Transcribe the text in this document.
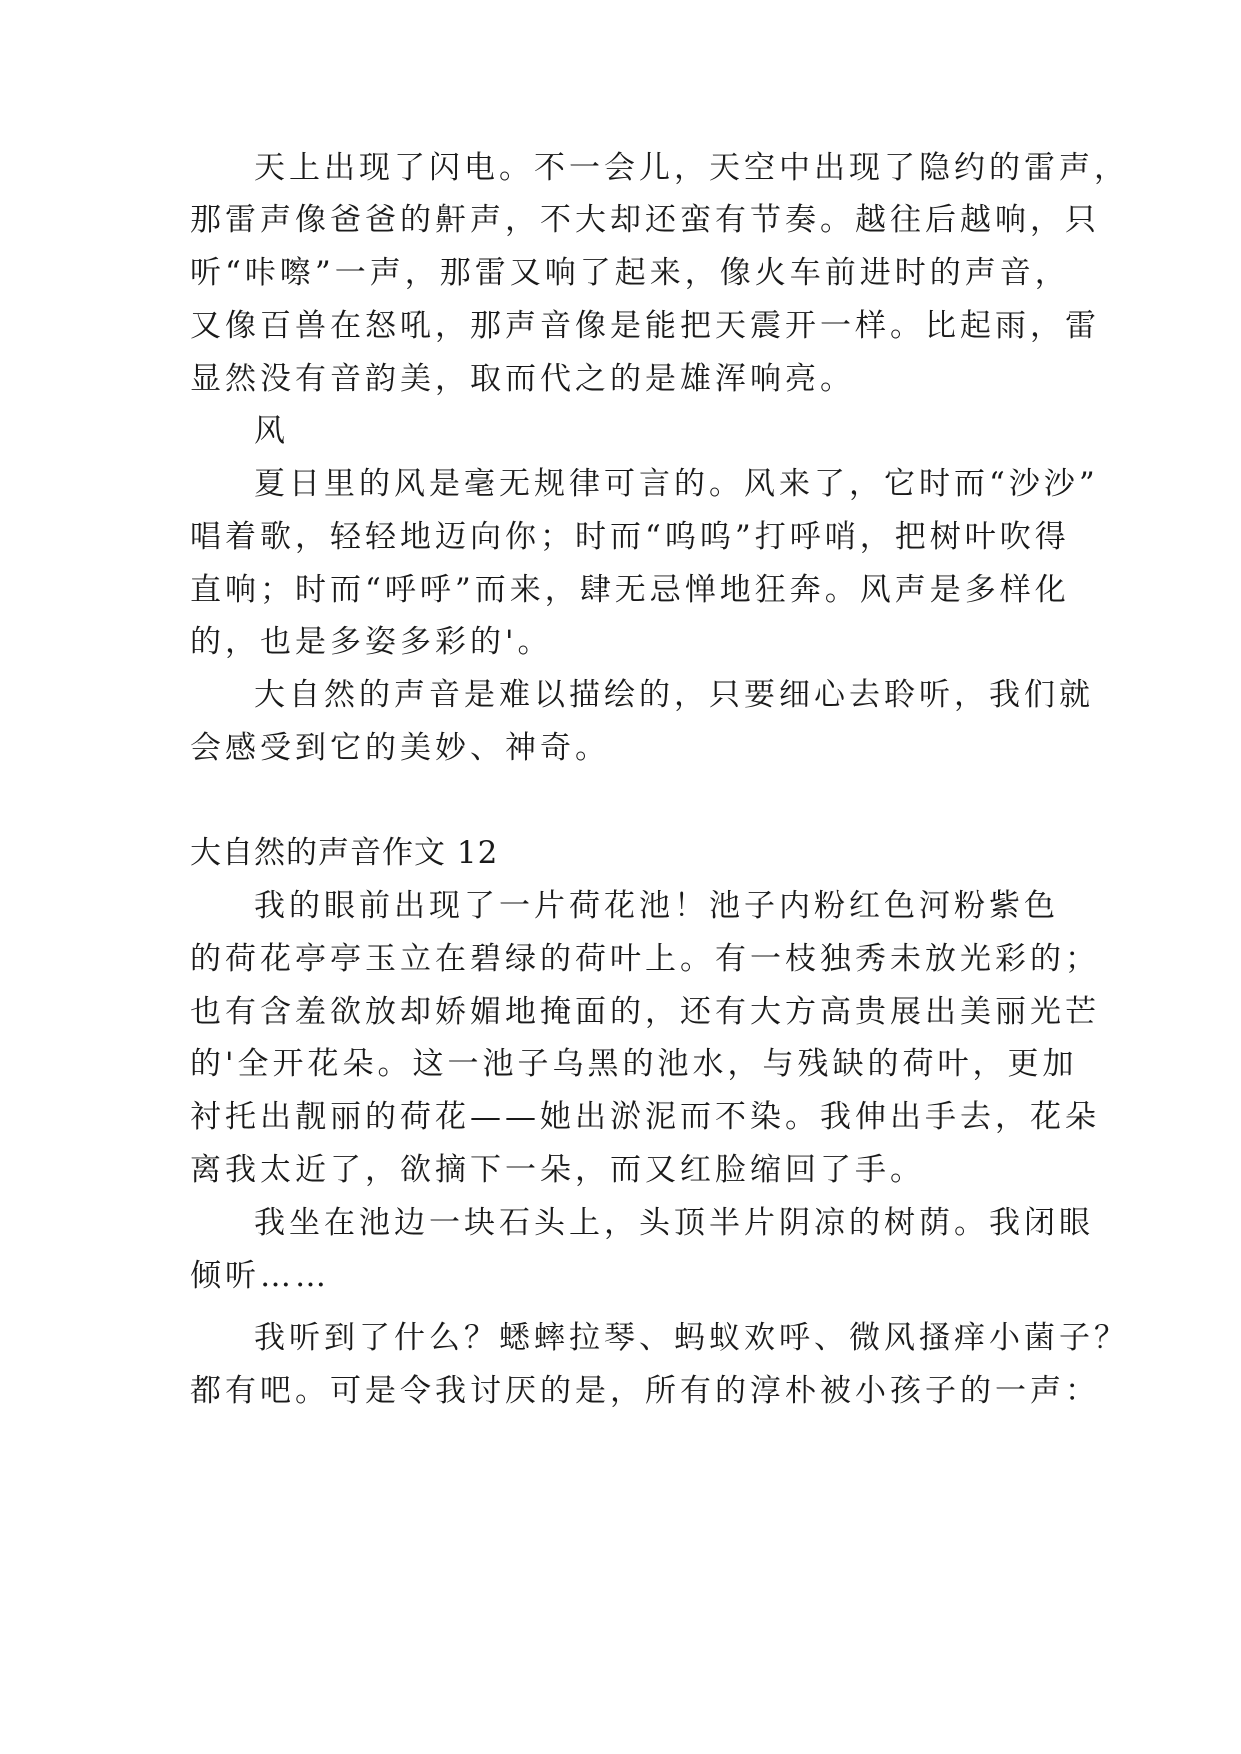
天上出现了闪电。不一会儿，天空中出现了隐约的雷声，
那雷声像爸爸的鼾声，不大却还蛮有节奏。越往后越响，只
听“咔嚓”一声，那雷又响了起来，像火车前进时的声音，
又像百兽在怒吼，那声音像是能把天震开一样。比起雨，雷
显然没有音韵美，取而代之的是雄浑响亮。
风
夏日里的风是毫无规律可言的。风来了，它时而“沙沙”
唱着歌，轻轻地迈向你；时而“呜呜”打呼哨，把树叶吹得
直响；时而“呼呼”而来，肆无忌惮地狂奔。风声是多样化
的，也是多姿多彩的'。
大自然的声音是难以描绘的，只要细心去聆听，我们就
会感受到它的美妙、神奇。
大自然的声音作文 12
我的眼前出现了一片荷花池！池子内粉红色河粉紫色
的荷花亭亭玉立在碧绿的荷叶上。有一枝独秀未放光彩的；
也有含羞欲放却娇媚地掩面的，还有大方高贵展出美丽光芒
的'全开花朵。这一池子乌黑的池水，与残缺的荷叶，更加
衬托出靓丽的荷花——她出淤泥而不染。我伸出手去，花朵
离我太近了，欲摘下一朵，而又红脸缩回了手。
我坐在池边一块石头上，头顶半片阴凉的树荫。我闭眼
倾听……
我听到了什么？蟋蟀拉琴、蚂蚁欢呼、微风搔痒小菌子？
都有吧。可是令我讨厌的是，所有的淳朴被小孩子的一声：
